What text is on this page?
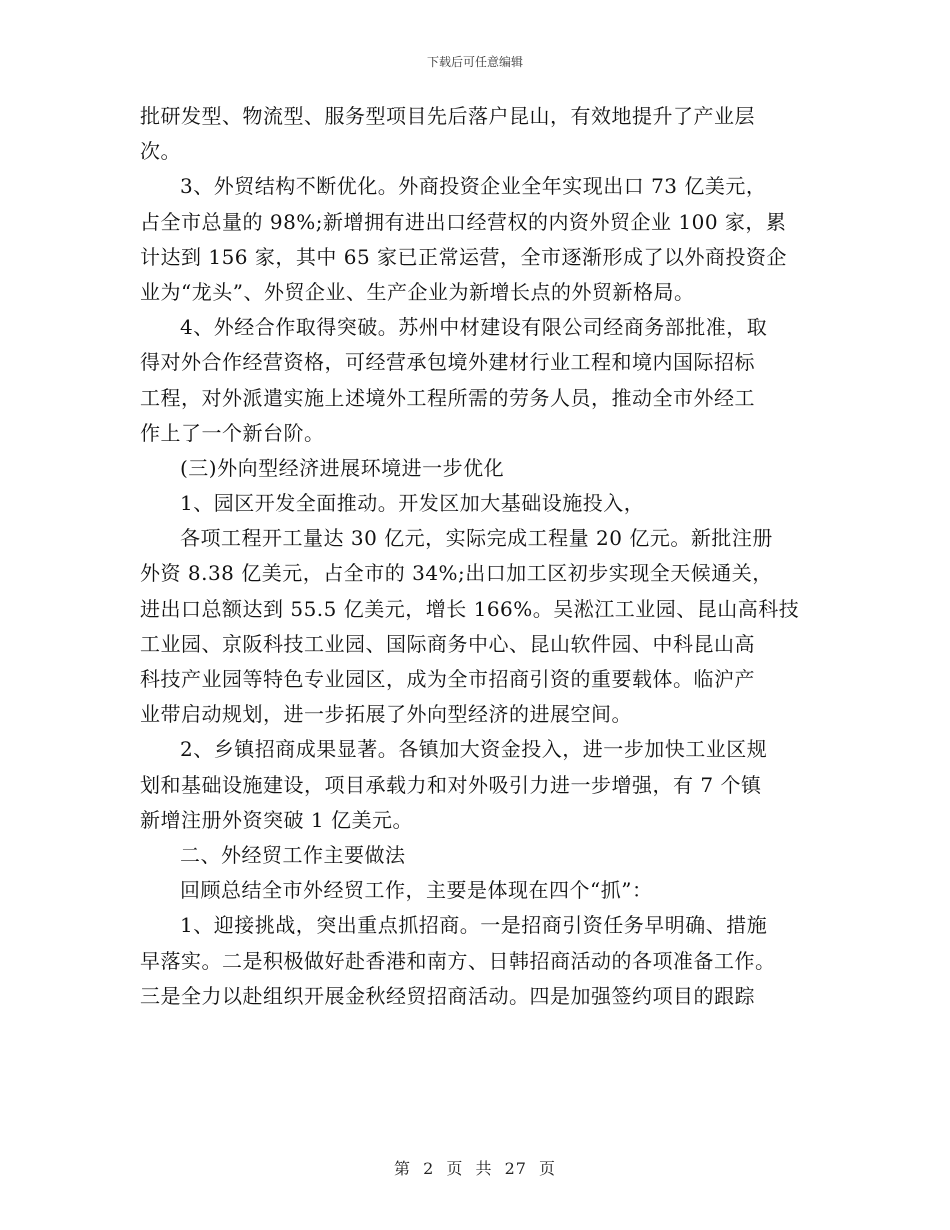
下载后可任意编辑
批研发型、物流型、服务型项目先后落户昆山，有效地提升了产业层
次。
3、外贸结构不断优化。外商投资企业全年实现出口 73 亿美元，
占全市总量的 98%;新增拥有进出口经营权的内资外贸企业 100 家，累
计达到 156 家，其中 65 家已正常运营，全市逐渐形成了以外商投资企
业为“龙头”、外贸企业、生产企业为新增长点的外贸新格局。
4、外经合作取得突破。苏州中材建设有限公司经商务部批准，取
得对外合作经营资格，可经营承包境外建材行业工程和境内国际招标
工程，对外派遣实施上述境外工程所需的劳务人员，推动全市外经工
作上了一个新台阶。
(三)外向型经济进展环境进一步优化
1、园区开发全面推动。开发区加大基础设施投入，
各项工程开工量达 30 亿元，实际完成工程量 20 亿元。新批注册
外资 8.38 亿美元，占全市的 34%;出口加工区初步实现全天候通关，
进出口总额达到 55.5 亿美元，增长 166%。吴淞江工业园、昆山高科技
工业园、京阪科技工业园、国际商务中心、昆山软件园、中科昆山高
科技产业园等特色专业园区，成为全市招商引资的重要载体。临沪产
业带启动规划，进一步拓展了外向型经济的进展空间。
2、乡镇招商成果显著。各镇加大资金投入，进一步加快工业区规
划和基础设施建设，项目承载力和对外吸引力进一步增强，有 7 个镇
新增注册外资突破 1 亿美元。
二、外经贸工作主要做法
回顾总结全市外经贸工作，主要是体现在四个“抓”：
1、迎接挑战，突出重点抓招商。一是招商引资任务早明确、措施
早落实。二是积极做好赴香港和南方、日韩招商活动的各项准备工作。
三是全力以赴组织开展金秋经贸招商活动。四是加强签约项目的跟踪
第 2 页 共 27 页
